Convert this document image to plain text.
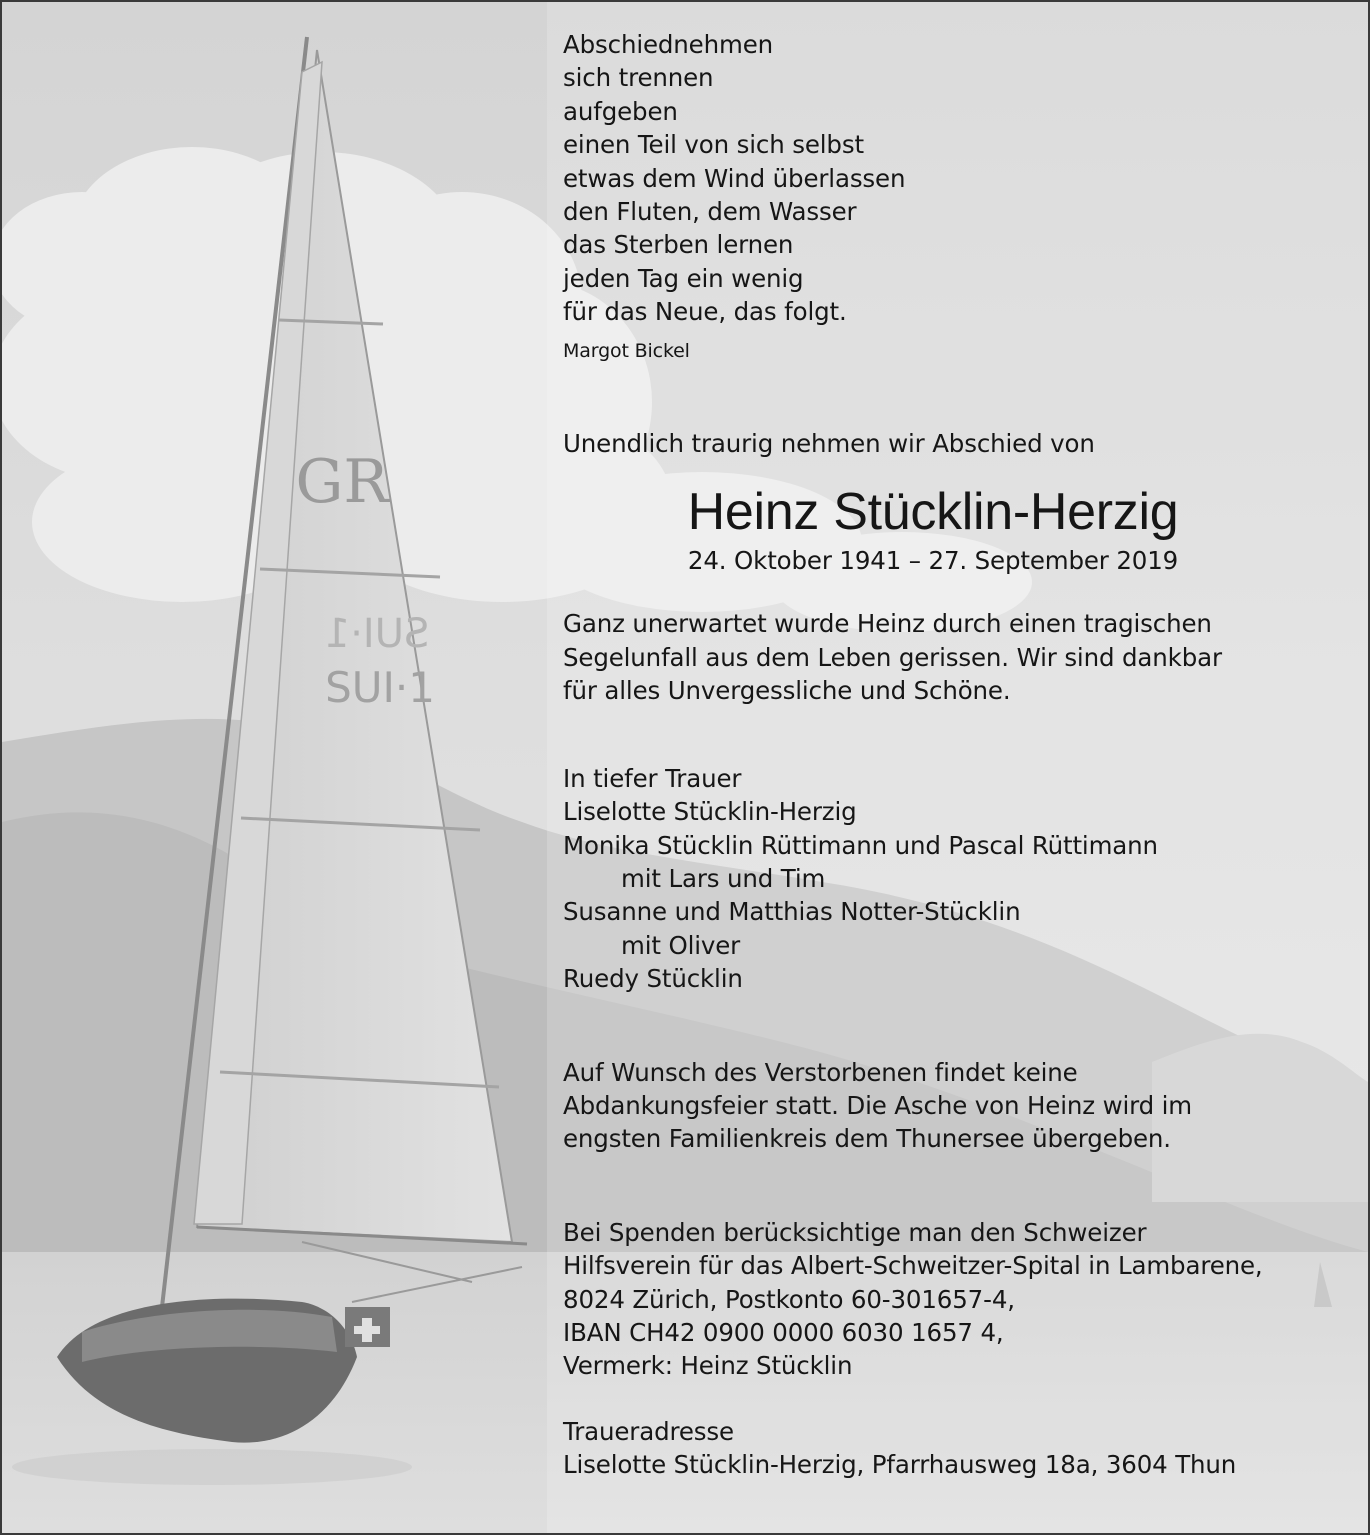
GR
SUI·1
SUI·1
Abschiednehmen
sich trennen
aufgeben
einen Teil von sich selbst
etwas dem Wind überlassen
den Fluten, dem Wasser
das Sterben lernen
jeden Tag ein wenig
für das Neue, das folgt.
Margot Bickel
Unendlich traurig nehmen wir Abschied von
Heinz Stücklin-Herzig
24. Oktober 1941 – 27. September 2019
Ganz unerwartet wurde Heinz durch einen tragischen
Segelunfall aus dem Leben gerissen. Wir sind dankbar
für alles Unvergessliche und Schöne.
In tiefer Trauer
Liselotte Stücklin-Herzig
Monika Stücklin Rüttimann und Pascal Rüttimann
mit Lars und Tim
Susanne und Matthias Notter-Stücklin
mit Oliver
Ruedy Stücklin
Auf Wunsch des Verstorbenen findet keine
Abdankungsfeier statt. Die Asche von Heinz wird im
engsten Familienkreis dem Thunersee übergeben.
Bei Spenden berücksichtige man den Schweizer
Hilfsverein für das Albert-Schweitzer-Spital in Lambarene,
8024 Zürich, Postkonto 60-301657-4,
IBAN CH42 0900 0000 6030 1657 4,
Vermerk: Heinz Stücklin
Traueradresse
Liselotte Stücklin-Herzig, Pfarrhausweg 18a, 3604 Thun
